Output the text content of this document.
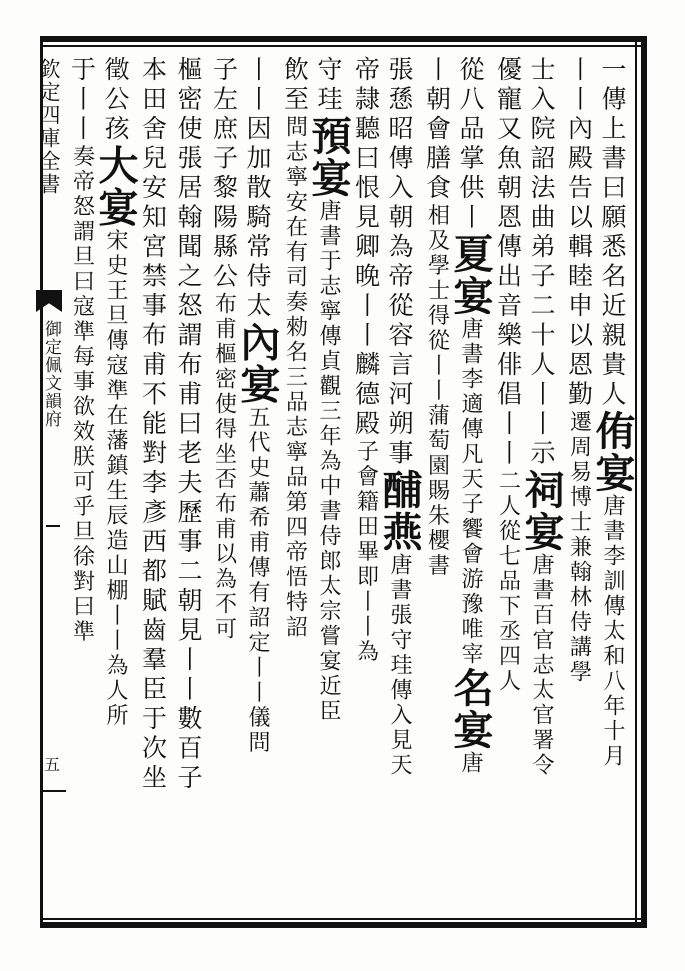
欽定四庫全書
御定佩文韻府
五
一傳上書曰願悉名近親貴人侑宴唐書李訓傳太和八年十月
丨丨內殿告以輯睦申以恩勤遷周易博士兼翰林侍講學
士入院詔法曲弟子二十人丨丨示祠宴唐書百官志太官署令
優寵又魚朝恩傳出音樂俳倡丨丨二人從七品下丞四人
從八品掌供丨夏宴唐書李適傳凡天子饗會游豫唯宰名宴唐
丨朝會膳食相及學士得從丨丨蒲萄園賜朱櫻書
張愻昭傳入朝為帝從容言河朔事酺燕唐書張守珪傳入見天
帝隷聽曰恨見卿晚丨丨麟德殿子會籍田畢即丨丨為
守珪預宴唐書于志寧傳貞觀三年為中書侍郎太宗嘗宴近臣
飲至問志寧安在有司奏勑名三品志寧品第四帝悟特詔
丨丨因加散騎常侍太內宴五代史蕭希甫傳有詔定丨丨儀問
子左庶子黎陽縣公布甫樞密使得坐否布甫以為不可
樞密使張居翰聞之怒謂布甫曰老夫歷事二朝見丨丨數百子
本田舍兒安知宮禁事布甫不能對李彥西都賦齒羣臣于次坐
徵公孩大宴宋史王旦傳寇準在藩鎮生辰造山棚丨丨為人所
于丨丨奏帝怒謂旦曰寇準每事欲效朕可乎旦徐對曰準
